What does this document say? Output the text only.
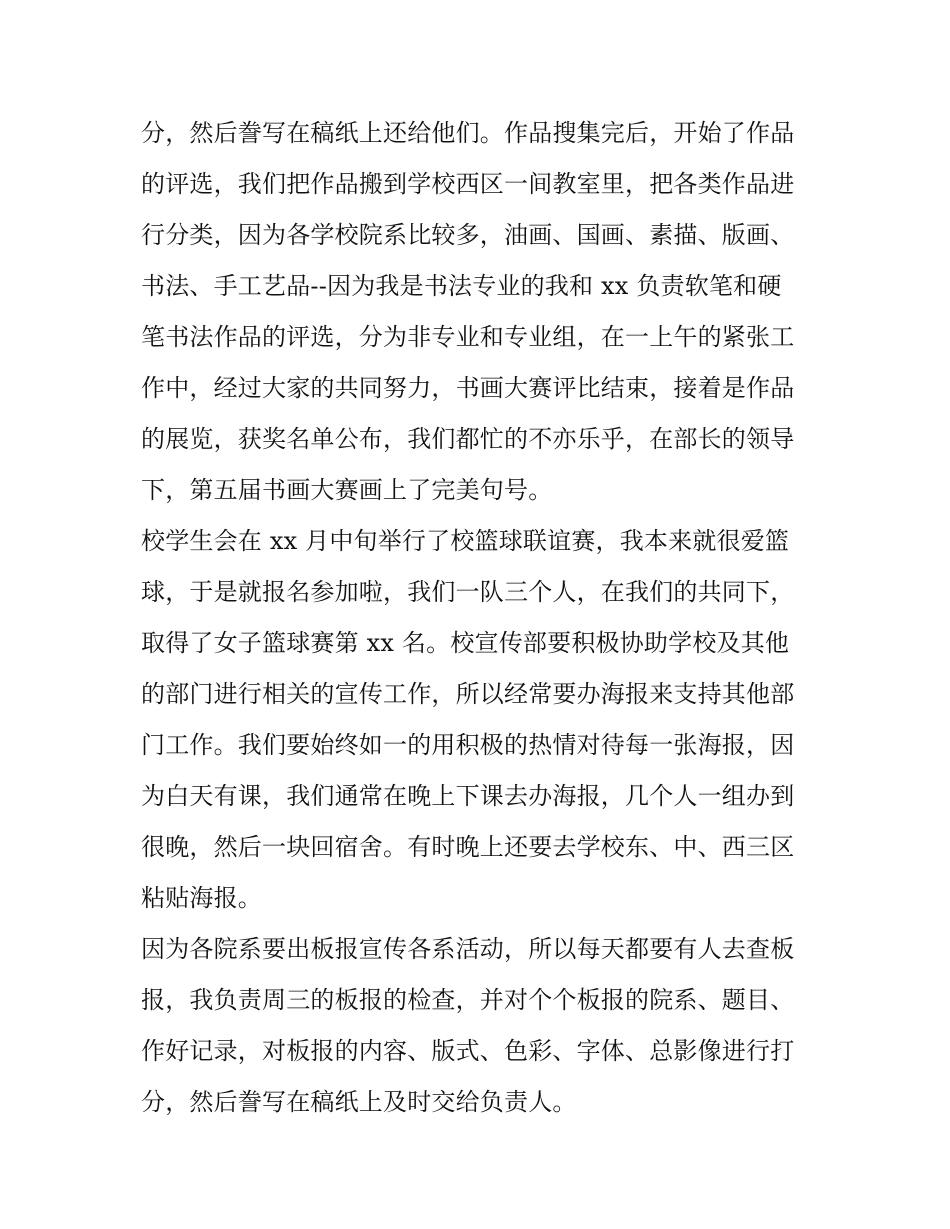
分，然后誊写在稿纸上还给他们。作品搜集完后，开始了作品
的评选，我们把作品搬到学校西区一间教室里，把各类作品进
行分类，因为各学校院系比较多，油画、国画、素描、版画、
书法、手工艺品--因为我是书法专业的我和 xx 负责软笔和硬
笔书法作品的评选，分为非专业和专业组，在一上午的紧张工
作中，经过大家的共同努力，书画大赛评比结束，接着是作品
的展览，获奖名单公布，我们都忙的不亦乐乎，在部长的领导
下，第五届书画大赛画上了完美句号。
校学生会在 xx 月中旬举行了校篮球联谊赛，我本来就很爱篮
球，于是就报名参加啦，我们一队三个人，在我们的共同下，
取得了女子篮球赛第 xx 名。校宣传部要积极协助学校及其他
的部门进行相关的宣传工作，所以经常要办海报来支持其他部
门工作。我们要始终如一的用积极的热情对待每一张海报，因
为白天有课，我们通常在晚上下课去办海报，几个人一组办到
很晚，然后一块回宿舍。有时晚上还要去学校东、中、西三区
粘贴海报。
因为各院系要出板报宣传各系活动，所以每天都要有人去查板
报，我负责周三的板报的检查，并对个个板报的院系、题目、
作好记录，对板报的内容、版式、色彩、字体、总影像进行打
分，然后誊写在稿纸上及时交给负责人。
